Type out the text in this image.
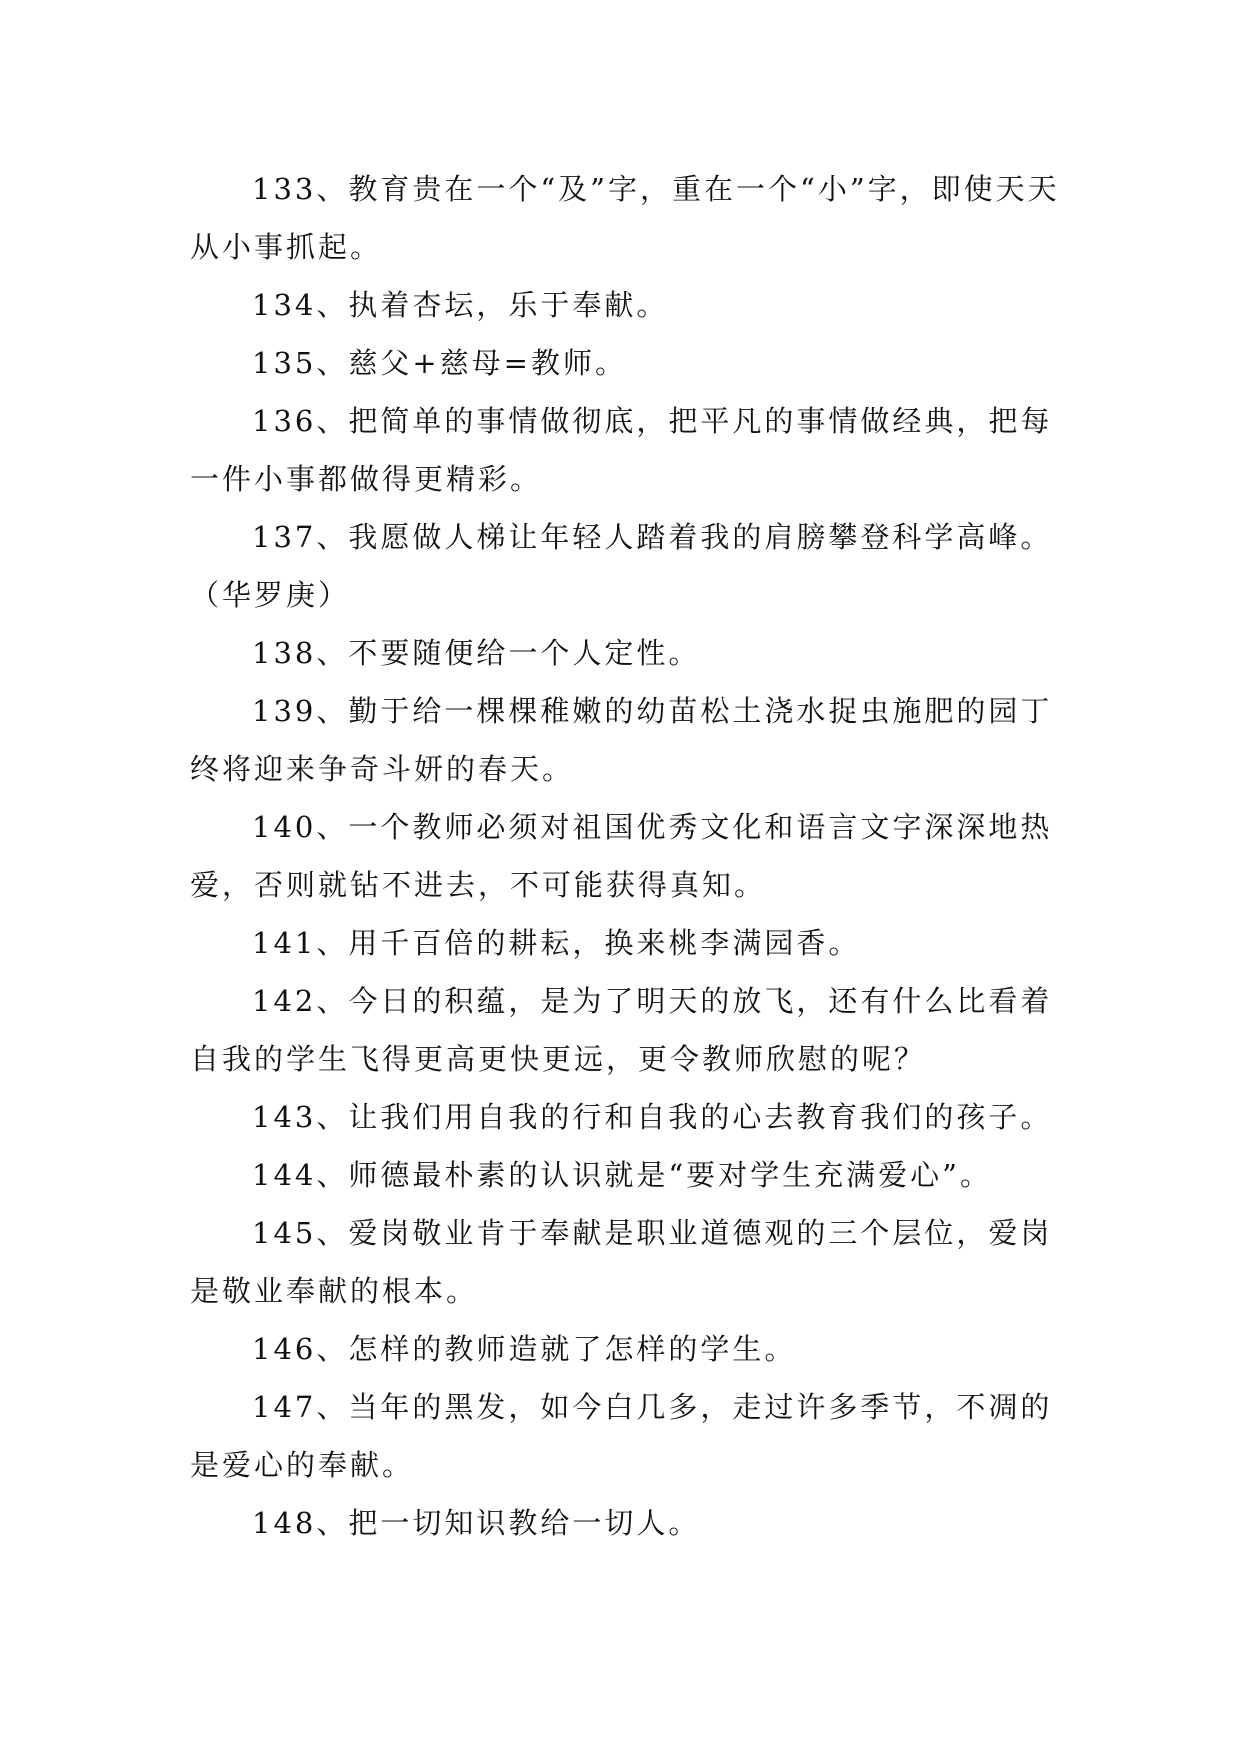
133、教育贵在一个“及”字，重在一个“小”字，即使天天从小事抓起。

134、执着杏坛，乐于奉献。

135、慈父+慈母=教师。

136、把简单的事情做彻底，把平凡的事情做经典，把每一件小事都做得更精彩。

137、我愿做人梯让年轻人踏着我的肩膀攀登科学高峰。（华罗庚）

138、不要随便给一个人定性。

139、勤于给一棵棵稚嫩的幼苗松土浇水捉虫施肥的园丁终将迎来争奇斗妍的春天。

140、一个教师必须对祖国优秀文化和语言文字深深地热爱，否则就钻不进去，不可能获得真知。

141、用千百倍的耕耘，换来桃李满园香。

142、今日的积蕴，是为了明天的放飞，还有什么比看着自我的学生飞得更高更快更远，更令教师欣慰的呢？

143、让我们用自我的行和自我的心去教育我们的孩子。

144、师德最朴素的认识就是“要对学生充满爱心”。

145、爱岗敬业肯于奉献是职业道德观的三个层位，爱岗是敬业奉献的根本。

146、怎样的教师造就了怎样的学生。

147、当年的黑发，如今白几多，走过许多季节，不凋的是爱心的奉献。

148、把一切知识教给一切人。
